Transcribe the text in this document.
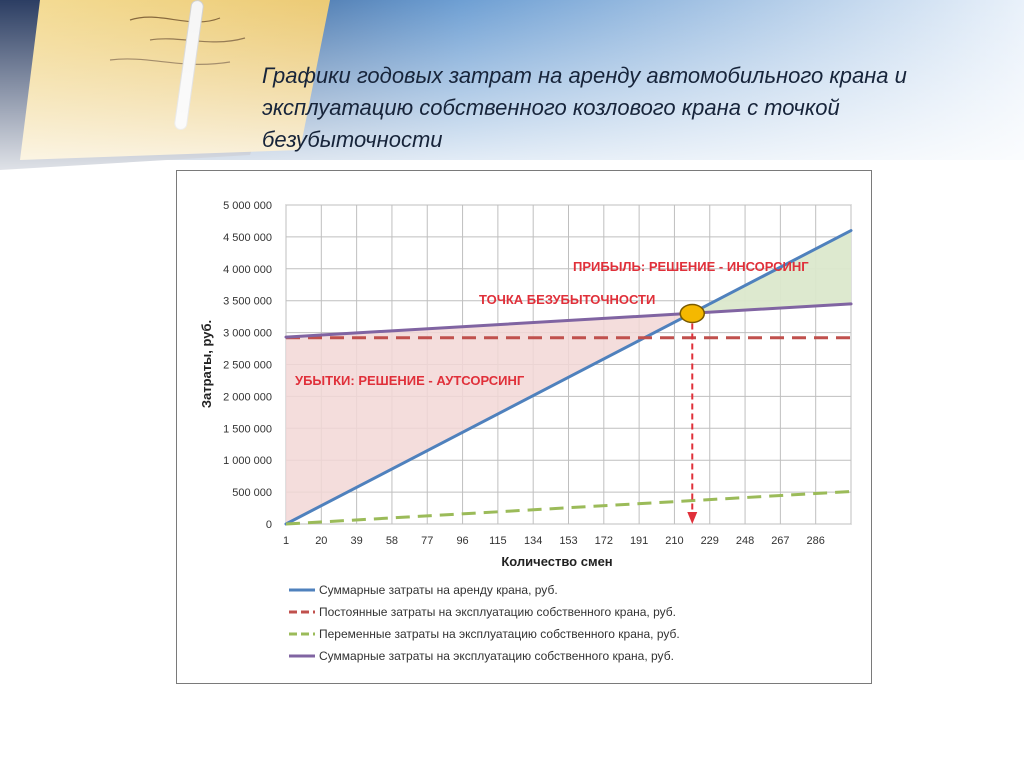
Графики годовых затрат на аренду автомобильного крана и эксплуатацию собственного козлового крана с точкой безубыточности
ПРИБЫЛЬ: РЕШЕНИЕ - ИНСОРСИНГ
ТОЧКА БЕЗУБЫТОЧНОСТИ
УБЫТКИ: РЕШЕНИЕ - АУТСОРСИНГ
0
500 000
1 000 000
1 500 000
2 000 000
2 500 000
3 000 000
3 500 000
4 000 000
4 500 000
5 000 000
1 20 39 58 77 96 115 134 153 172 191 210 229 248 267 286
Затраты, руб.
Количество смен
Суммарные затраты на аренду крана, руб.
Постоянные затраты на эксплуатацию собственного крана, руб.
Переменные затраты на эксплуатацию собственного крана, руб.
Суммарные затраты на эксплуатацию собственного крана, руб.
